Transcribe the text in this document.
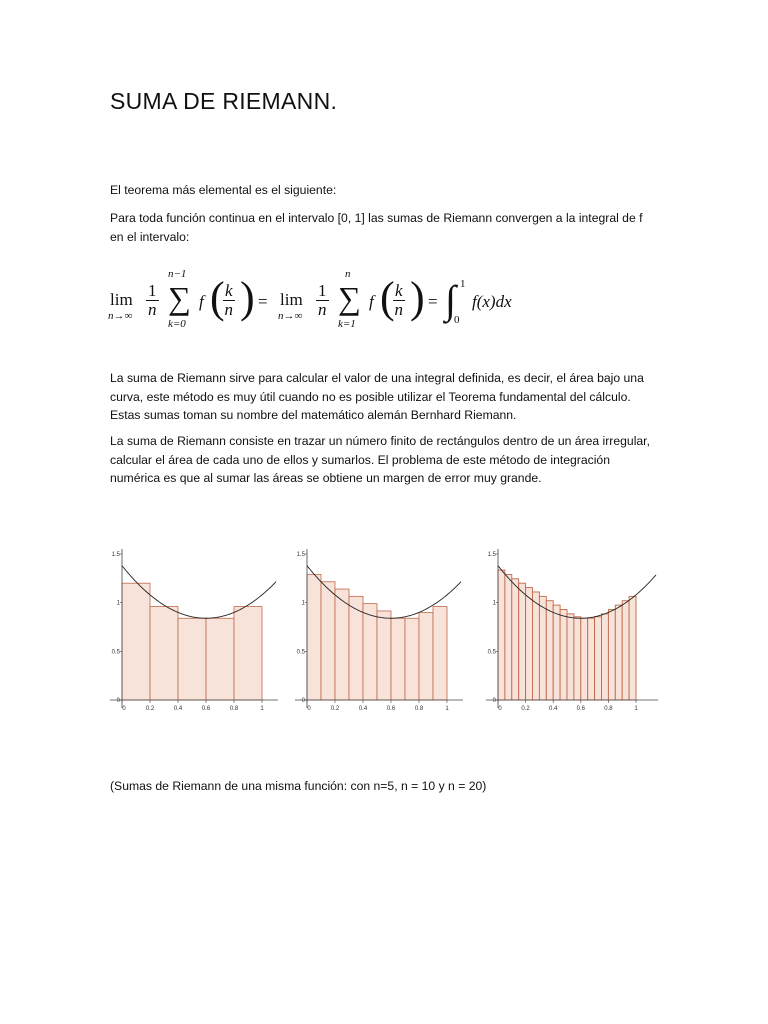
SUMA DE RIEMANN.

El teorema más elemental es el siguiente:

Para toda función continua en el intervalo [0, 1] las sumas de Riemann convergen a la integral de f en el intervalo:

lim
$n\to\infty \frac{1}{n}$
n−1
∑
k=0
f (
$\frac{k}{n}$ ) = lim
$n\to\infty \frac{1}{n}$
n
∑
k=1
f (
$\frac{k}{n}$ ) = ∫ 1
0
f(x)dx

La suma de Riemann sirve para calcular el valor de una integral definida, es decir, el área bajo una curva, este método es muy útil cuando no es posible utilizar el Teorema fundamental del cálculo. Estas sumas toman su nombre del matemático alemán Bernhard Riemann.

La suma de Riemann consiste en trazar un número finito de rectángulos dentro de un área irregular, calcular el área de cada uno de ellos y sumarlos. El problema de este método de integración numérica es que al sumar las áreas se obtiene un margen de error muy grande.

0	0.2	0.4	0.6	0.8	1
0
0.5
1
1.5
0	0.2	0.4	0.6	0.8	1
0
0.5
1
1.5
0	0.2	0.4	0.6	0.8	1
0
0.5
1
1.5

(Sumas de Riemann de una misma función: con n=5, n = 10 y n = 20)
